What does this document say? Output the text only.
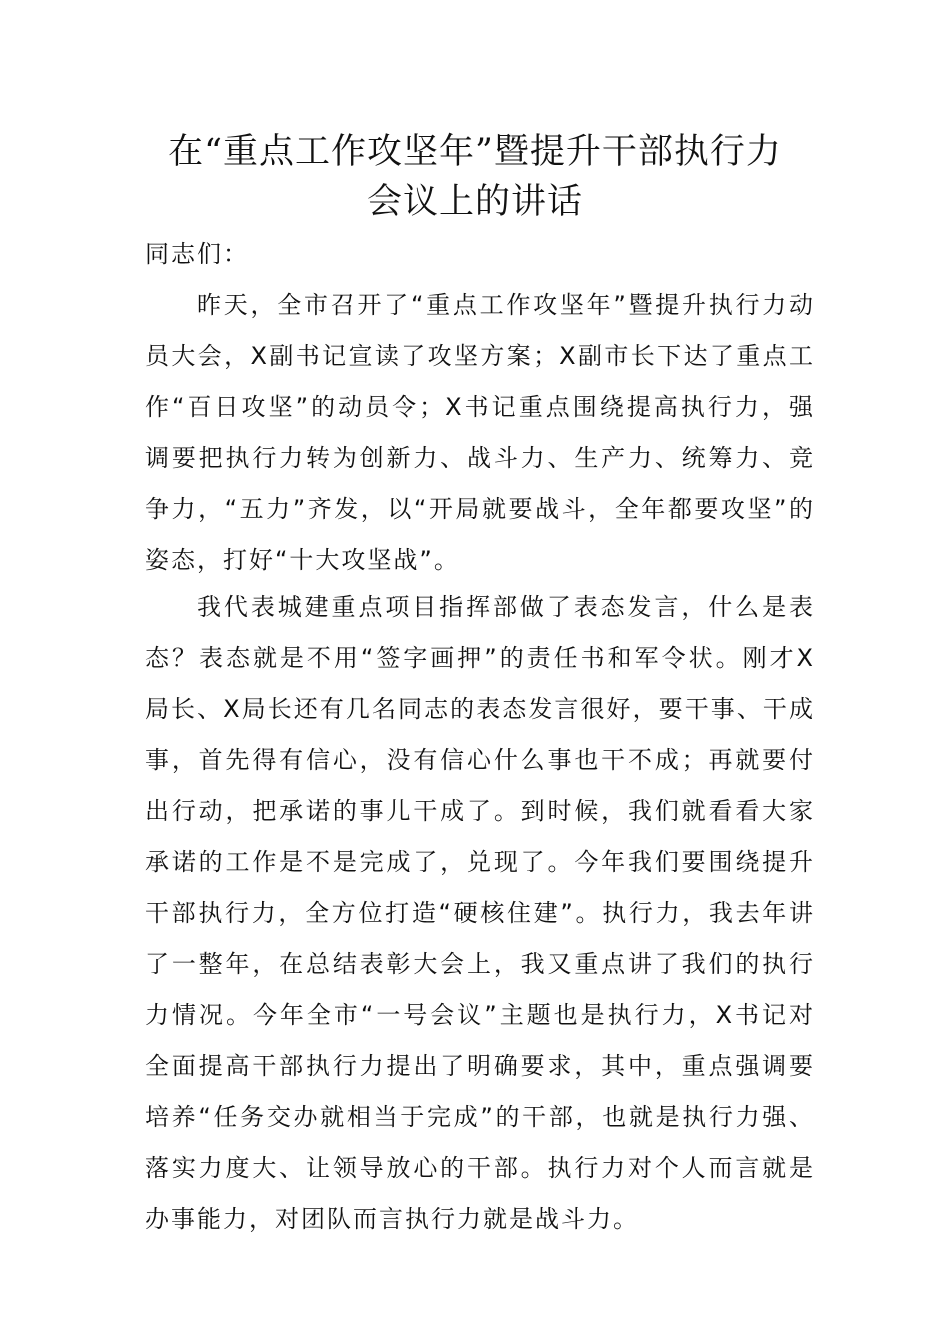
在“重点工作攻坚年”暨提升干部执行力
会议上的讲话

同志们：

昨天，全市召开了“重点工作攻坚年”暨提升执行力动员大会，X副书记宣读了攻坚方案；X副市长下达了重点工作“百日攻坚”的动员令；X书记重点围绕提高执行力，强调要把执行力转为创新力、战斗力、生产力、统筹力、竞争力，“五力”齐发，以“开局就要战斗，全年都要攻坚”的姿态，打好“十大攻坚战”。

我代表城建重点项目指挥部做了表态发言，什么是表态？表态就是不用“签字画押”的责任书和军令状。刚才X局长、X局长还有几名同志的表态发言很好，要干事、干成事，首先得有信心，没有信心什么事也干不成；再就要付出行动，把承诺的事儿干成了。到时候，我们就看看大家承诺的工作是不是完成了，兑现了。今年我们要围绕提升干部执行力，全方位打造“硬核住建”。执行力，我去年讲了一整年，在总结表彰大会上，我又重点讲了我们的执行力情况。今年全市“一号会议”主题也是执行力，X书记对全面提高干部执行力提出了明确要求，其中，重点强调要培养“任务交办就相当于完成”的干部，也就是执行力强、落实力度大、让领导放心的干部。执行力对个人而言就是办事能力，对团队而言执行力就是战斗力。
